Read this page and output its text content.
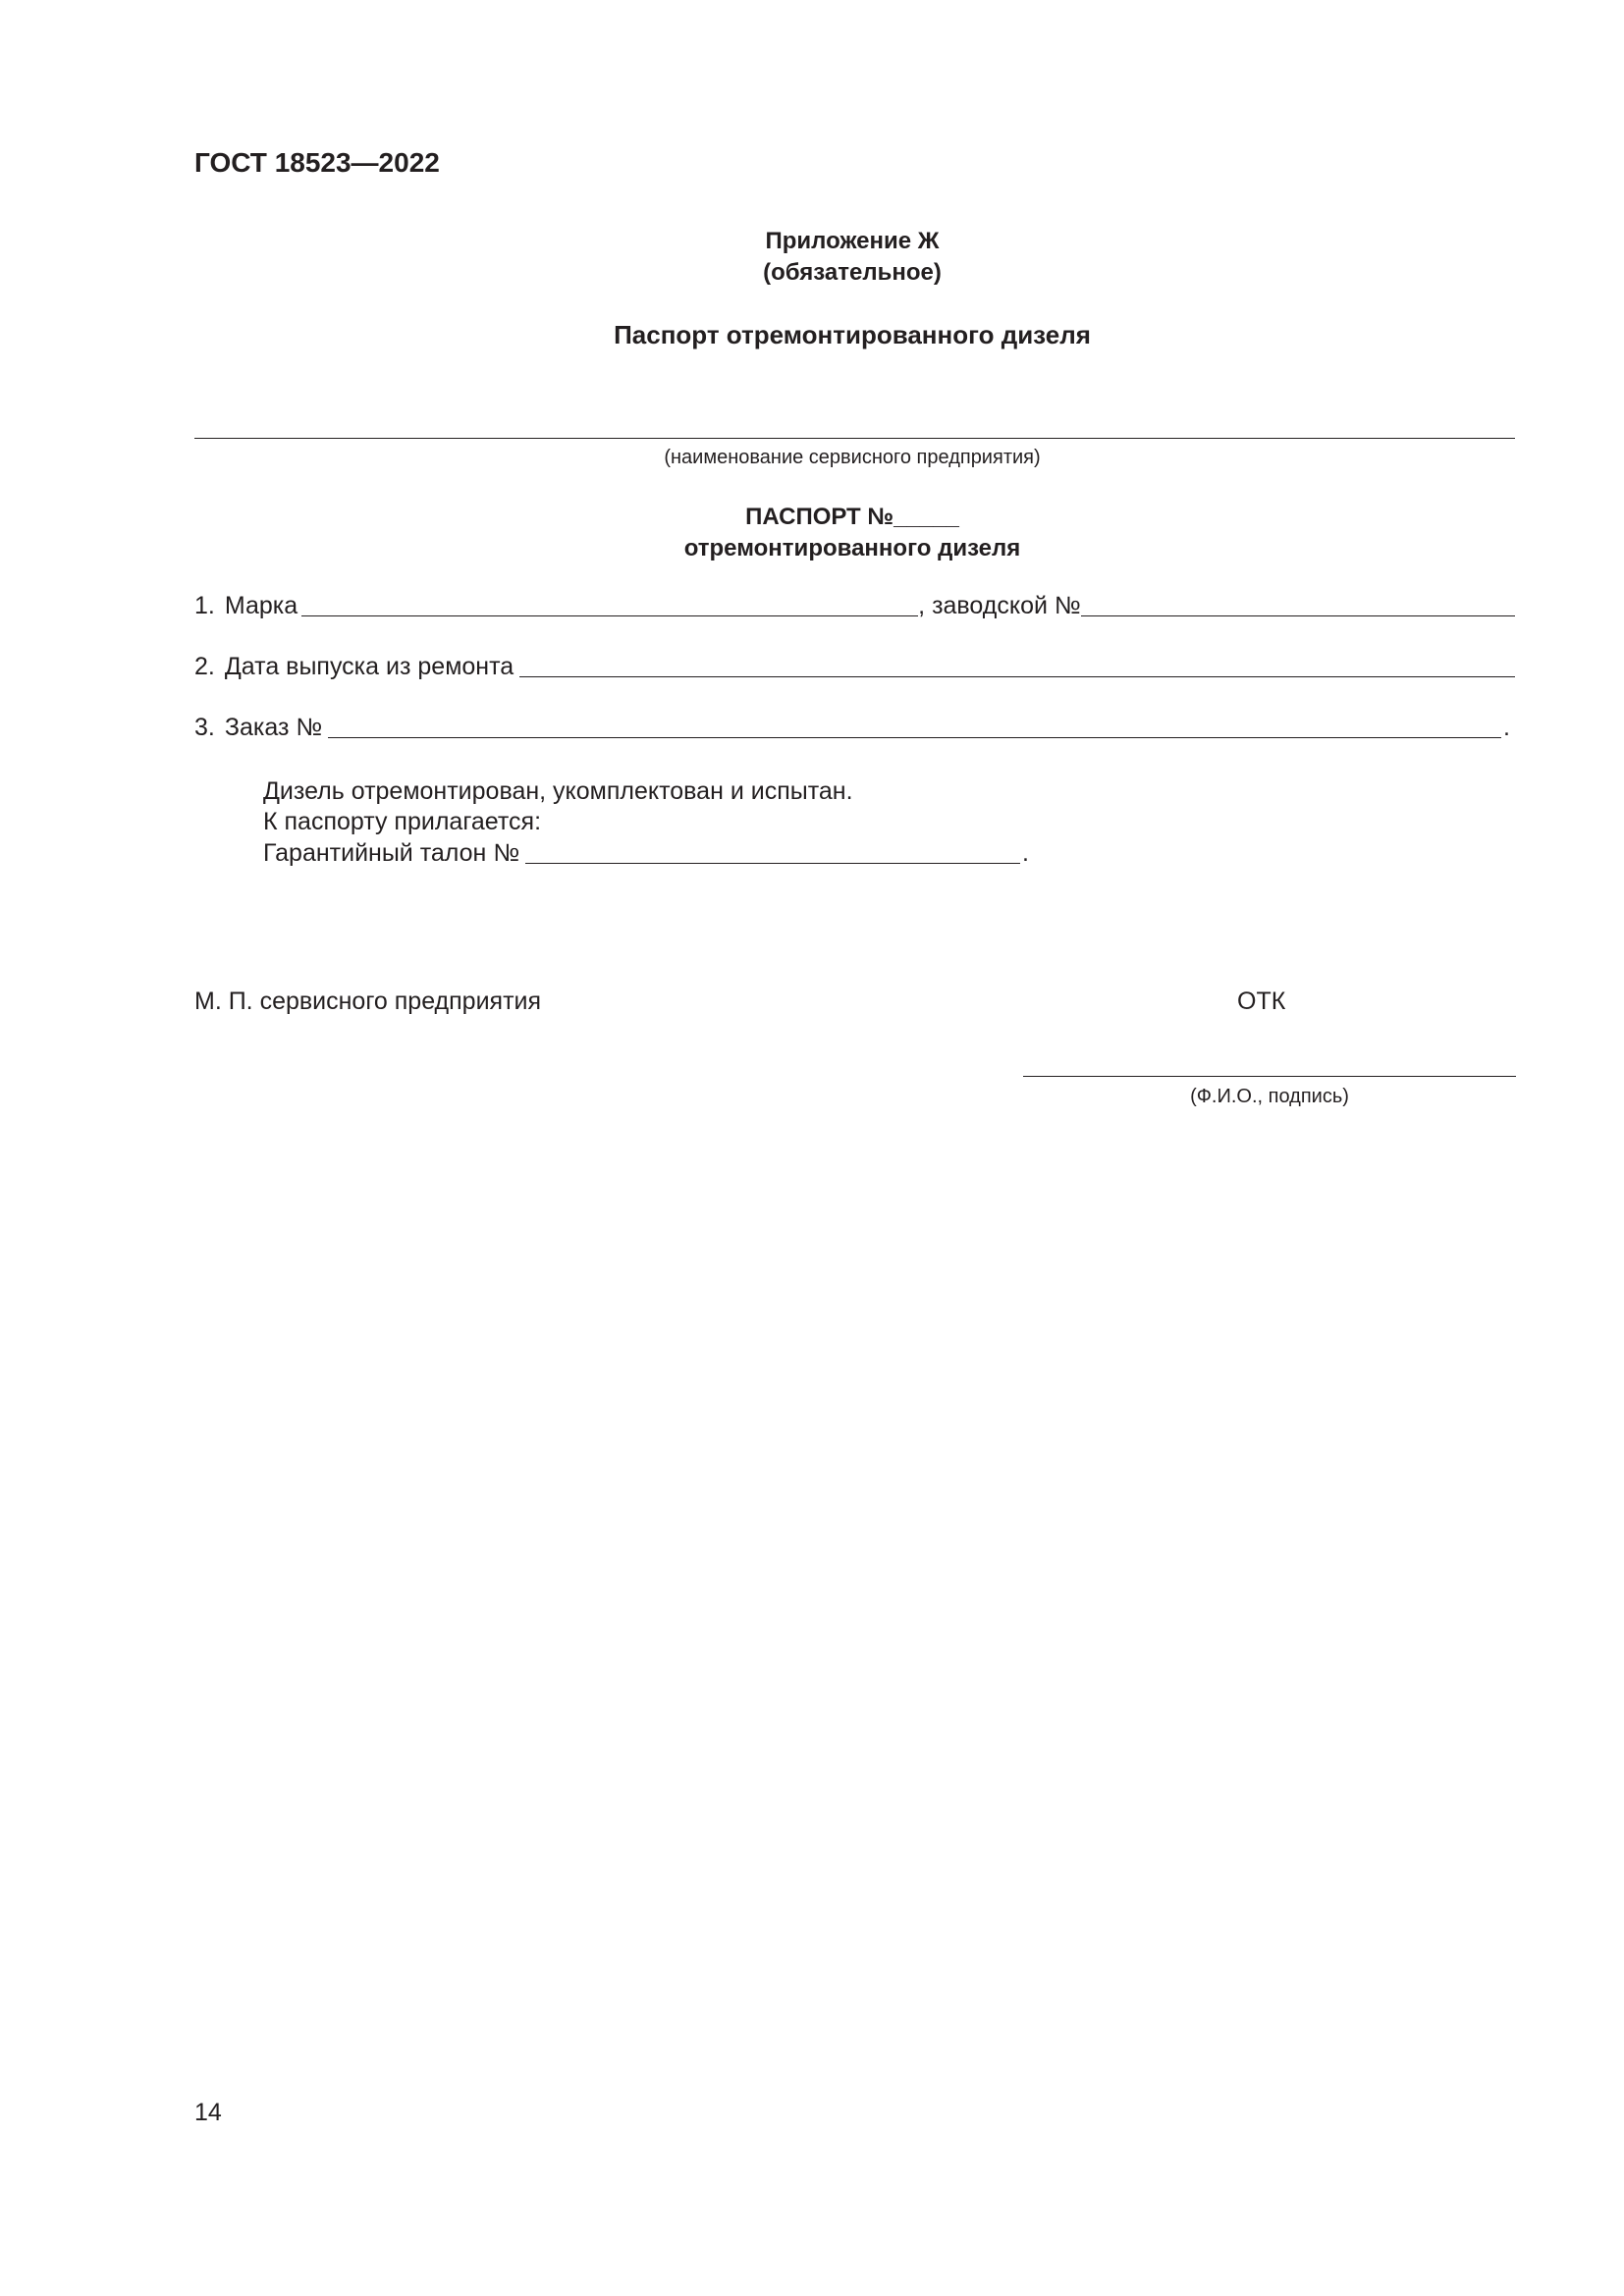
ГОСТ 18523—2022
Приложение Ж
(обязательное)
Паспорт отремонтированного дизеля
(наименование сервисного предприятия)
ПАСПОРТ №_____
отремонтированного дизеля
1. Марка	, заводской №
2. Дата выпуска из ремонта
3. Заказ №	.
Дизель отремонтирован, укомплектован и испытан.
К паспорту прилагается:
Гарантийный талон №	.
М. П. сервисного предприятия	ОТК
(Ф.И.О., подпись)
14
